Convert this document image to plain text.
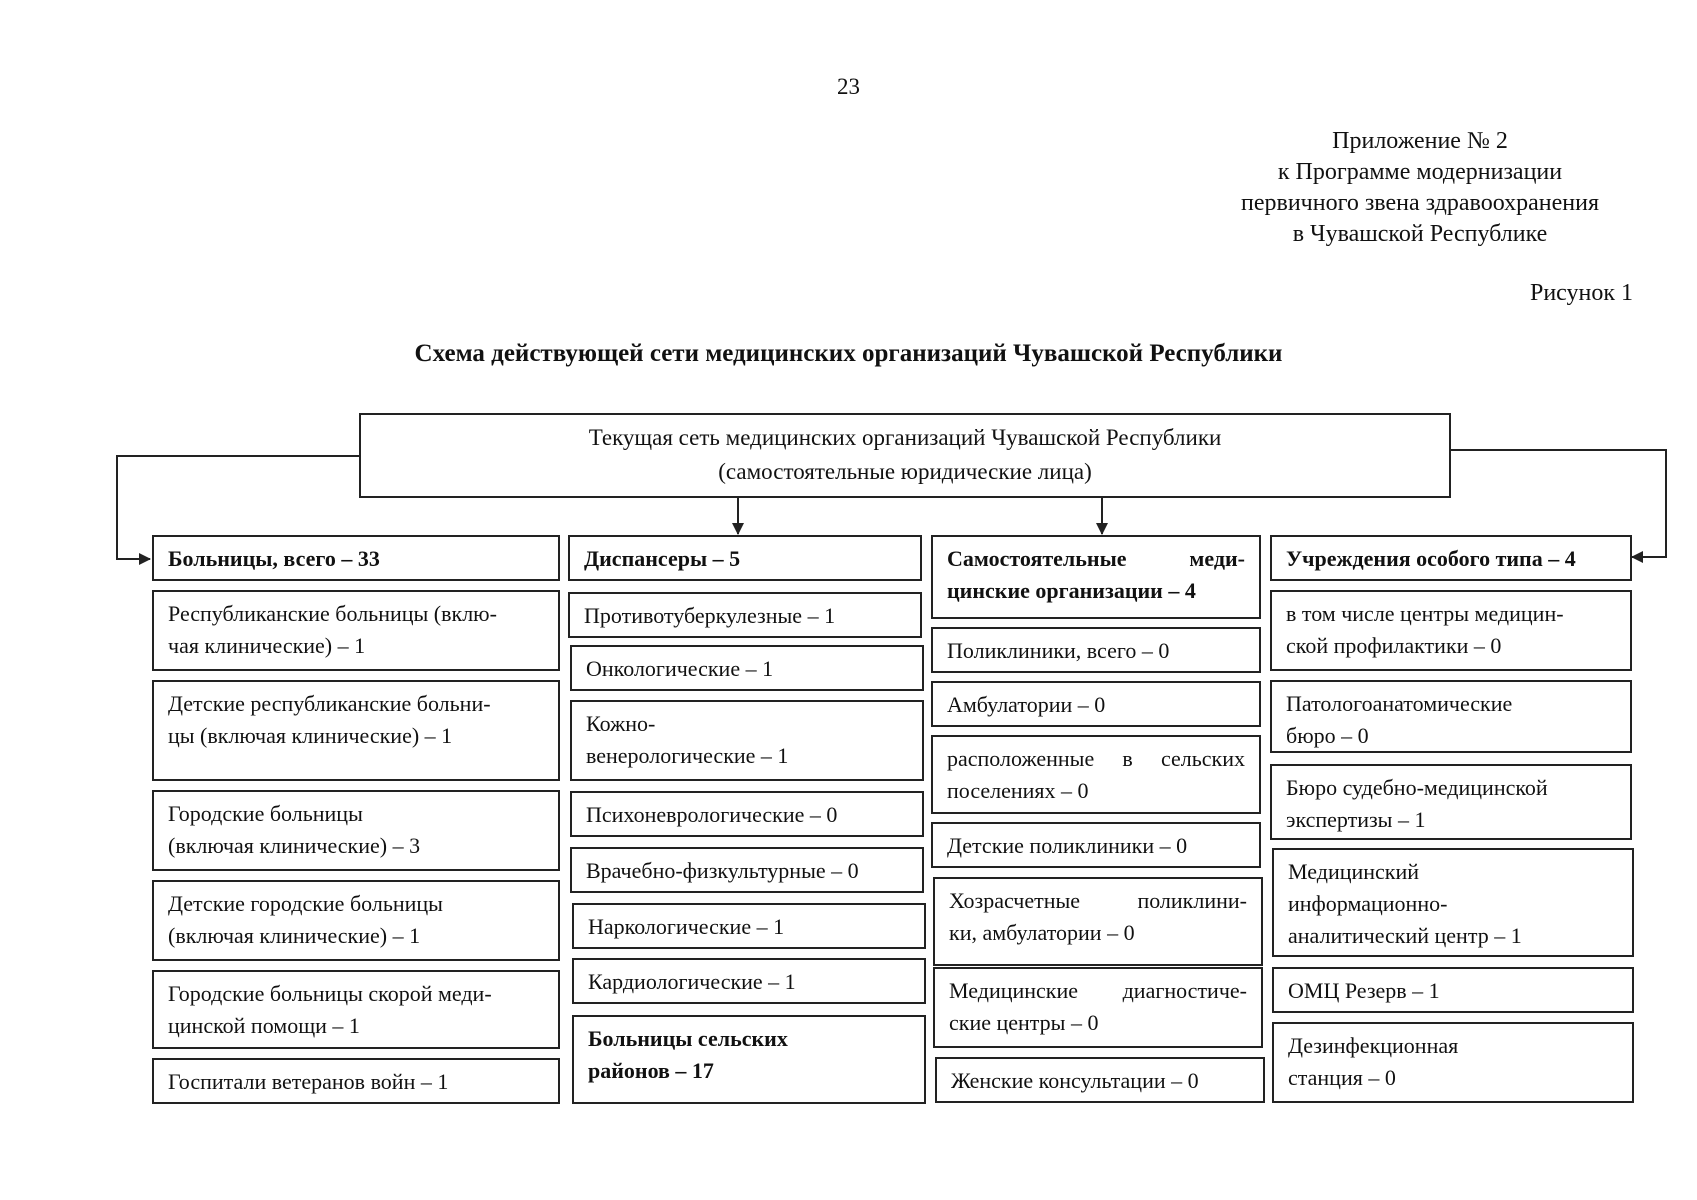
23
Приложение № 2
к Программе модернизации
первичного звена здравоохранения
в Чувашской Республике
Рисунок 1
Схема действующей сети медицинских организаций Чувашской Республики
Текущая сеть медицинских организаций Чувашской Республики
(самостоятельные юридические лица)
Больницы, всего – 33
Республиканские больницы (вклю-
чая клинические) – 1
Детские республиканские больни-
цы (включая клинические) – 1
Городские больницы
(включая клинические) – 3
Детские городские больницы
(включая клинические) – 1
Городские больницы скорой меди-
цинской помощи – 1
Госпитали ветеранов войн – 1
Диспансеры – 5
Противотуберкулезные – 1
Онкологические – 1
Кожно-
венерологические – 1
Психоневрологические – 0
Врачебно-физкультурные – 0
Наркологические – 1
Кардиологические – 1
Больницы сельских
районов – 17
Самостоятельные меди-
цинские организации – 4
Поликлиники, всего – 0
Амбулатории – 0
расположенные в сельских
поселениях – 0
Детские поликлиники – 0
Хозрасчетные поликлини-
ки, амбулатории – 0
Медицинские диагностиче-
ские центры – 0
Женские консультации – 0
Учреждения особого типа – 4
в том числе центры медицин-
ской профилактики – 0
Патологоанатомические
бюро – 0
Бюро судебно-медицинской
экспертизы – 1
Медицинский
информационно-
аналитический центр – 1
ОМЦ Резерв – 1
Дезинфекционная
станция – 0
